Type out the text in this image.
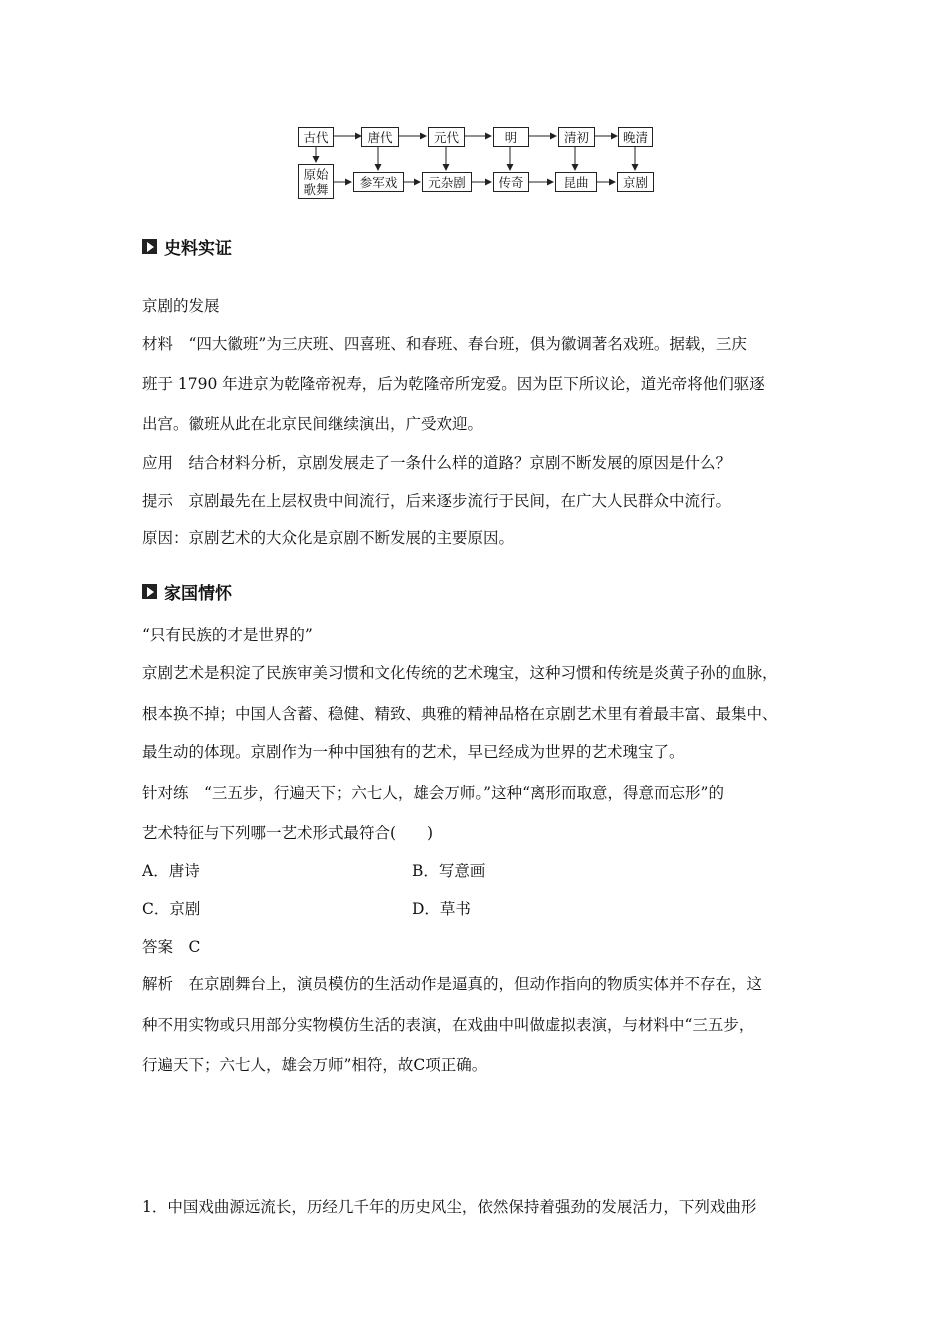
古代	唐代	元代	明	清初	晚清
原始
歌舞	参军戏	元杂剧	传奇	昆曲	京剧
史料实证
京剧的发展
材料　“四大徽班”为三庆班、四喜班、和春班、春台班，俱为徽调著名戏班。据载，三庆
班于 1790 年进京为乾隆帝祝寿，后为乾隆帝所宠爱。因为臣下所议论，道光帝将他们驱逐
出宫。徽班从此在北京民间继续演出，广受欢迎。
应用　结合材料分析，京剧发展走了一条什么样的道路？京剧不断发展的原因是什么？
提示　京剧最先在上层权贵中间流行，后来逐步流行于民间，在广大人民群众中流行。
原因：京剧艺术的大众化是京剧不断发展的主要原因。
家国情怀
“只有民族的才是世界的”
京剧艺术是积淀了民族审美习惯和文化传统的艺术瑰宝，这种习惯和传统是炎黄子孙的血脉，
根本换不掉；中国人含蓄、稳健、精致、典雅的精神品格在京剧艺术里有着最丰富、最集中、
最生动的体现。京剧作为一种中国独有的艺术，早已经成为世界的艺术瑰宝了。
针对练　“三五步，行遍天下；六七人，雄会万师。”这种“离形而取意，得意而忘形”的
艺术特征与下列哪一艺术形式最符合(　　)
A．唐诗	B．写意画
C．京剧	D．草书
答案　C
解析　在京剧舞台上，演员模仿的生活动作是逼真的，但动作指向的物质实体并不存在，这
种不用实物或只用部分实物模仿生活的表演，在戏曲中叫做虚拟表演，与材料中“三五步，
行遍天下；六七人，雄会万师”相符，故C项正确。
1．中国戏曲源远流长，历经几千年的历史风尘，依然保持着强劲的发展活力，下列戏曲形
